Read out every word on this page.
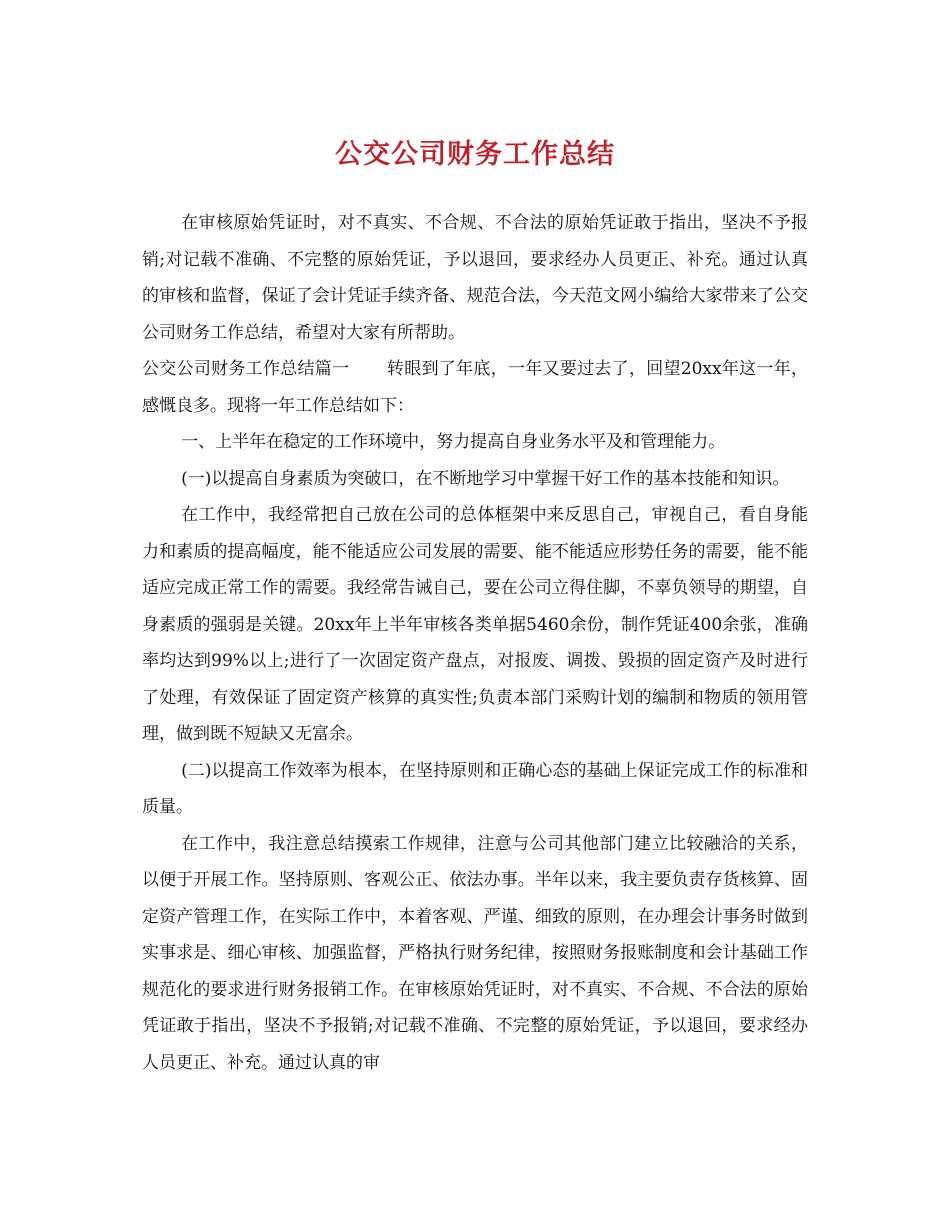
公交公司财务工作总结

在审核原始凭证时，对不真实、不合规、不合法的原始凭证敢于指出，坚决不予报销;对记载不准确、不完整的原始凭证，予以退回，要求经办人员更正、补充。通过认真的审核和监督，保证了会计凭证手续齐备、规范合法，今天范文网小编给大家带来了公交公司财务工作总结，希望对大家有所帮助。

公交公司财务工作总结篇一 转眼到了年底，一年又要过去了，回望20xx年这一年，感慨良多。现将一年工作总结如下：

一、上半年在稳定的工作环境中，努力提高自身业务水平及和管理能力。

(一)以提高自身素质为突破口，在不断地学习中掌握干好工作的基本技能和知识。

在工作中，我经常把自己放在公司的总体框架中来反思自己，审视自己，看自身能力和素质的提高幅度，能不能适应公司发展的需要、能不能适应形势任务的需要，能不能适应完成正常工作的需要。我经常告诫自己，要在公司立得住脚，不辜负领导的期望，自身素质的强弱是关键。20xx年上半年审核各类单据5460余份，制作凭证400余张，准确率均达到99%以上;进行了一次固定资产盘点，对报废、调拨、毁损的固定资产及时进行了处理，有效保证了固定资产核算的真实性;负责本部门采购计划的编制和物质的领用管理，做到既不短缺又无富余。

(二)以提高工作效率为根本，在坚持原则和正确心态的基础上保证完成工作的标准和质量。

在工作中，我注意总结摸索工作规律，注意与公司其他部门建立比较融洽的关系，以便于开展工作。坚持原则、客观公正、依法办事。半年以来，我主要负责存货核算、固定资产管理工作，在实际工作中，本着客观、严谨、细致的原则，在办理会计事务时做到实事求是、细心审核、加强监督，严格执行财务纪律，按照财务报账制度和会计基础工作规范化的要求进行财务报销工作。在审核原始凭证时，对不真实、不合规、不合法的原始凭证敢于指出，坚决不予报销;对记载不准确、不完整的原始凭证，予以退回，要求经办人员更正、补充。通过认真的审
